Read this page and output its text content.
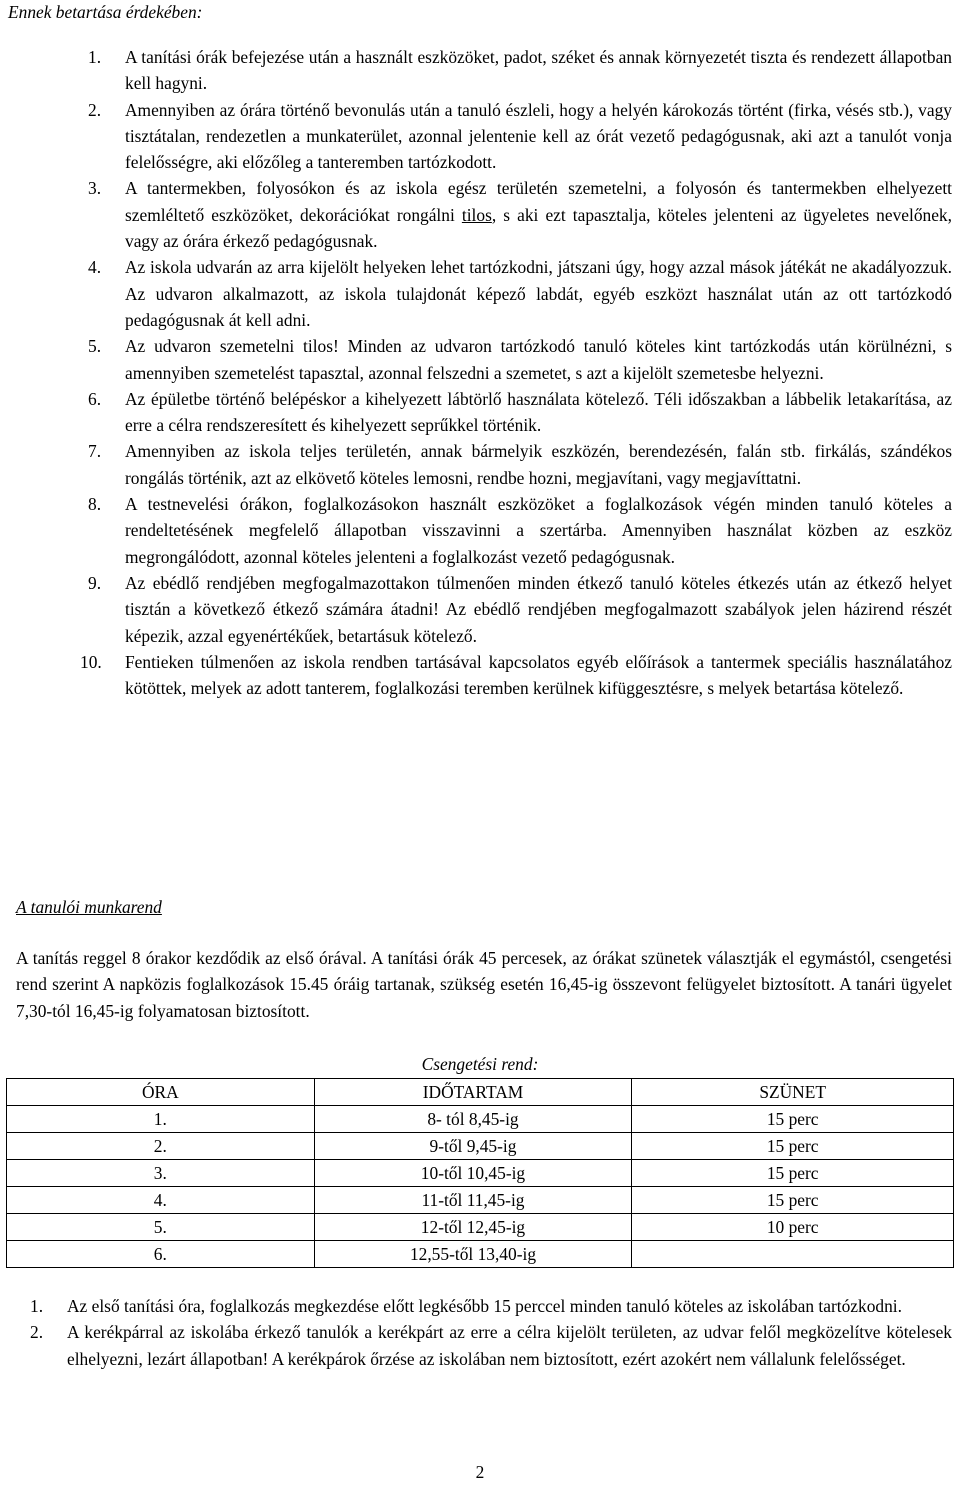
Ennek betartása érdekében:

1.	A tanítási órák befejezése után a használt eszközöket, padot, széket és annak környezetét tiszta és rendezett állapotban kell hagyni.
2.	Amennyiben az órára történő bevonulás után a tanuló észleli, hogy a helyén károkozás történt (firka, vésés stb.), vagy tisztátalan, rendezetlen a munkaterület, azonnal jelentenie kell az órát vezető pedagógusnak, aki azt a tanulót vonja felelősségre, aki előzőleg a tanteremben tartózkodott.
3.	A tantermekben, folyosókon és az iskola egész területén szemetelni, a folyosón és tantermekben elhelyezett szemléltető eszközöket, dekorációkat rongálni tilos, s aki ezt tapasztalja, köteles jelenteni az ügyeletes nevelőnek, vagy az órára érkező pedagógusnak.
4.	Az iskola udvarán az arra kijelölt helyeken lehet tartózkodni, játszani úgy, hogy azzal mások játékát ne akadályozzuk. Az udvaron alkalmazott, az iskola tulajdonát képező labdát, egyéb eszközt használat után az ott tartózkodó pedagógusnak át kell adni.
5.	Az udvaron szemetelni tilos! Minden az udvaron tartózkodó tanuló köteles kint tartózkodás után körülnézni, s amennyiben szemetelést tapasztal, azonnal felszedni a szemetet, s azt a kijelölt szemetesbe helyezni.
6.	Az épületbe történő belépéskor a kihelyezett lábtörlő használata kötelező. Téli időszakban a lábbelik letakarítása, az erre a célra rendszeresített és kihelyezett seprűkkel történik.
7.	Amennyiben az iskola teljes területén, annak bármelyik eszközén, berendezésén, falán stb. firkálás, szándékos rongálás történik, azt az elkövető köteles lemosni, rendbe hozni, megjavítani, vagy megjavíttatni.
8.	A testnevelési órákon, foglalkozásokon használt eszközöket a foglalkozások végén minden tanuló köteles a rendeltetésének megfelelő állapotban visszavinni a szertárba. Amennyiben használat közben az eszköz megrongálódott, azonnal köteles jelenteni a foglalkozást vezető pedagógusnak.
9.	Az ebédlő rendjében megfogalmazottakon túlmenően minden étkező tanuló köteles étkezés után az étkező helyet tisztán a következő étkező számára átadni! Az ebédlő rendjében megfogalmazott szabályok jelen házirend részét képezik, azzal egyenértékűek, betartásuk kötelező.
10.	Fentieken túlmenően az iskola rendben tartásával kapcsolatos egyéb előírások a tantermek speciális használatához kötöttek, melyek az adott tanterem, foglalkozási teremben kerülnek kifüggesztésre, s melyek betartása kötelező.

A tanulói munkarend

A tanítás reggel 8 órakor kezdődik az első órával. A tanítási órák 45 percesek, az órákat szünetek választják el egymástól, csengetési rend szerint A napközis foglalkozások 15.45 óráig tartanak, szükség esetén 16,45-ig összevont felügyelet biztosított. A tanári ügyelet 7,30-tól 16,45-ig folyamatosan biztosított.

Csengetési rend:

ÓRA	IDŐTARTAM	SZÜNET
1.	8- tól 8,45-ig	15 perc
2.	9-től 9,45-ig	15 perc
3.	10-től 10,45-ig	15 perc
4.	11-től 11,45-ig	15 perc
5.	12-től 12,45-ig	10 perc
6.	12,55-től 13,40-ig	
1. Az első tanítási óra, foglalkozás megkezdése előtt legkésőbb 15 perccel minden tanuló köteles az iskolában tartózkodni.
2. A kerékpárral az iskolába érkező tanulók a kerékpárt az erre a célra kijelölt területen, az udvar felől megközelítve kötelesek elhelyezni, lezárt állapotban! A kerékpárok őrzése az iskolában nem biztosított, ezért azokért nem vállalunk felelősséget.

2
